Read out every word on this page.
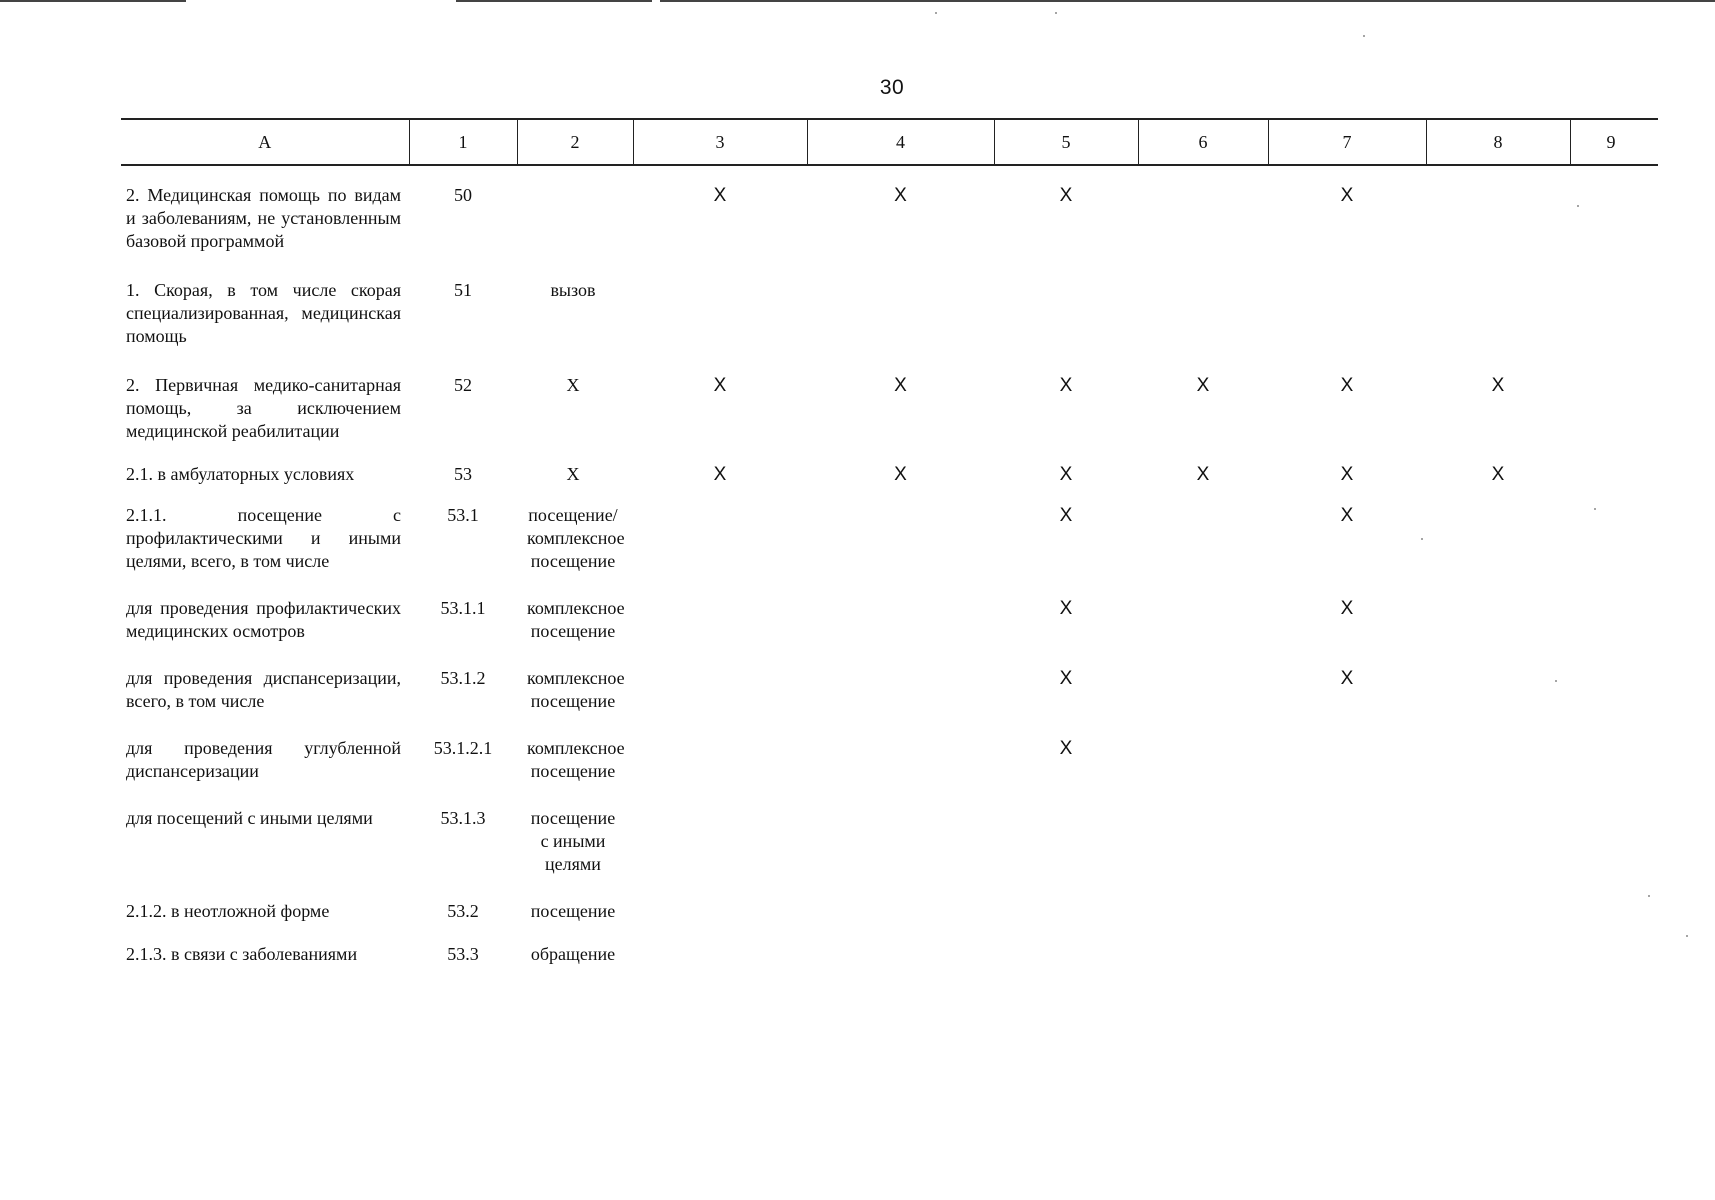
30
А	1	2	3	4	5	6	7	8	9
2. Медицинская помощь по видам и заболеваниям, не установленным базовой программой	50		X	X	X		X		
1. Скорая, в том числе скорая специализированная, медицинская помощь	51	вызов							
2. Первичная медико-санитарная помощь, за исключением медицинской реабилитации	52	X	X	X	X	X	X	X	
2.1. в амбулаторных условиях	53	X	X	X	X	X	X	X	
2.1.1. посещение с профилактическими и иными целями, всего, в том числе	53.1	посещение/ комплексное посещение			X		X		
для проведения профилактических медицинских осмотров	53.1.1	комплексное посещение			X		X		
для проведения диспансеризации, всего, в том числе	53.1.2	комплексное посещение			X		X		
для проведения углубленной диспансеризации	53.1.2.1	комплексное посещение			X				
для посещений с иными целями	53.1.3	посещение с иными целями							
2.1.2. в неотложной форме	53.2	посещение							
2.1.3. в связи с заболеваниями	53.3	обращение							
